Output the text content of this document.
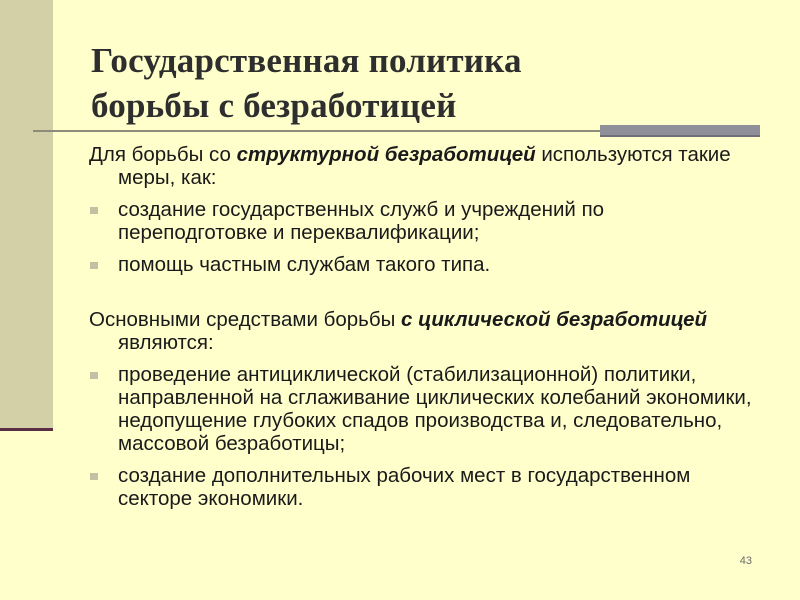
Государственная политика
борьбы с безработицей

Для борьбы со структурной безработицей используются такие меры, как:

создание государственных служб и учреждений по переподготовке и переквалификации;
помощь частным службам такого типа.

Основными средствами борьбы с циклической безработицей являются:

проведение антициклической (стабилизационной) политики, направленной на сглаживание циклических колебаний экономики, недопущение глубоких спадов производства и, следовательно, массовой безработицы;
создание дополнительных рабочих мест в государственном секторе экономики.
43
